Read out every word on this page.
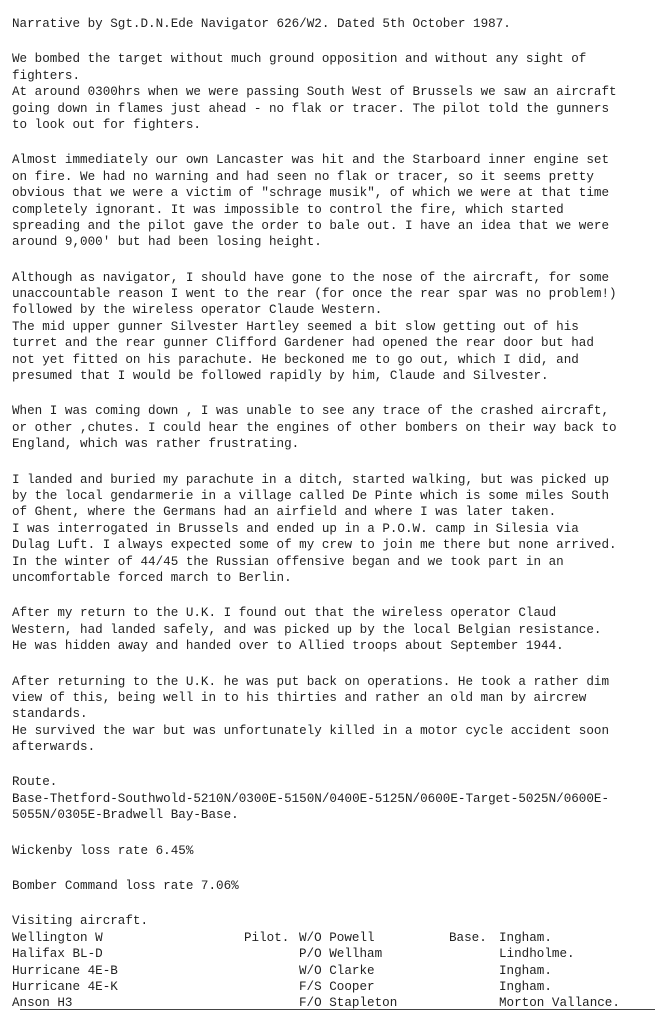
Narrative by Sgt.D.N.Ede Navigator 626/W2. Dated 5th October 1987.
We bombed the target without much ground opposition and without any sight of
fighters.
At around 0300hrs when we were passing South West of Brussels we saw an aircraft
going down in flames just ahead - no flak or tracer. The pilot told the gunners
to look out for fighters.
Almost immediately our own Lancaster was hit and the Starboard inner engine set
on fire. We had no warning and had seen no flak or tracer, so it seems pretty
obvious that we were a victim of "schrage musik", of which we were at that time
completely ignorant. It was impossible to control the fire, which started
spreading and the pilot gave the order to bale out. I have an idea that we were
around 9,000' but had been losing height.
Although as navigator, I should have gone to the nose of the aircraft, for some
unaccountable reason I went to the rear (for once the rear spar was no problem!)
followed by the wireless operator Claude Western.
The mid upper gunner Silvester Hartley seemed a bit slow getting out of his
turret and the rear gunner Clifford Gardener had opened the rear door but had
not yet fitted on his parachute. He beckoned me to go out, which I did, and
presumed that I would be followed rapidly by him, Claude and Silvester.
When I was coming down , I was unable to see any trace of the crashed aircraft,
or other ,chutes. I could hear the engines of other bombers on their way back to
England, which was rather frustrating.
I landed and buried my parachute in a ditch, started walking, but was picked up
by the local gendarmerie in a village called De Pinte which is some miles South
of Ghent, where the Germans had an airfield and where I was later taken.
I was interrogated in Brussels and ended up in a P.O.W. camp in Silesia via
Dulag Luft. I always expected some of my crew to join me there but none arrived.
In the winter of 44/45 the Russian offensive began and we took part in an
uncomfortable forced march to Berlin.
After my return to the U.K. I found out that the wireless operator Claud
Western, had landed safely, and was picked up by the local Belgian resistance.
He was hidden away and handed over to Allied troops about September 1944.
After returning to the U.K. he was put back on operations. He took a rather dim
view of this, being well in to his thirties and rather an old man by aircrew
standards.
He survived the war but was unfortunately killed in a motor cycle accident soon
afterwards.
Route.
Base-Thetford-Southwold-5210N/0300E-5150N/0400E-5125N/0600E-Target-5025N/0600E-
5055N/0305E-Bradwell Bay-Base.
Wickenby loss rate 6.45%
Bomber Command loss rate 7.06%
Visiting aircraft.
Wellington W	Pilot. W/O Powell	Base. Ingham.
Halifax BL-D	P/O Wellham	Lindholme.
Hurricane 4E-B	W/O Clarke	Ingham.
Hurricane 4E-K	F/S Cooper	Ingham.
Anson H3	F/O Stapleton	Morton Vallance.
